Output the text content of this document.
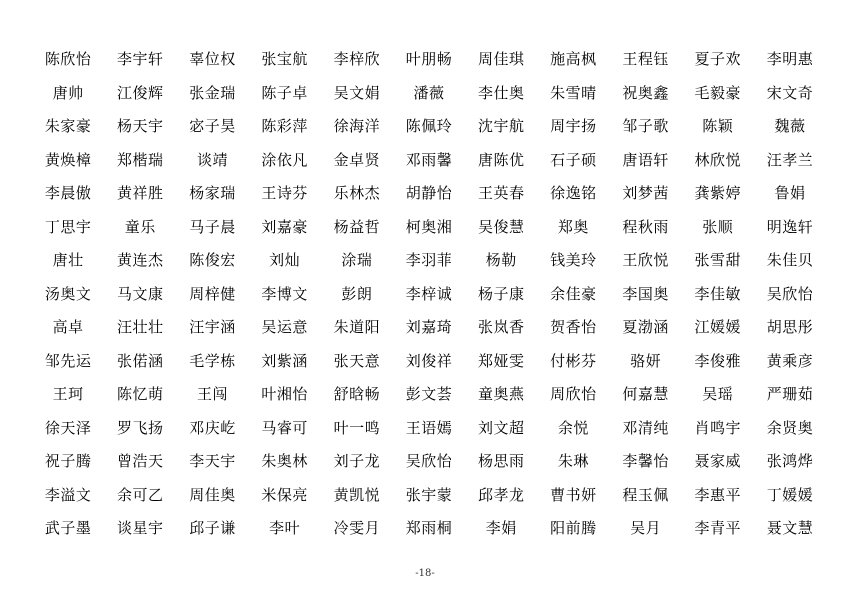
陈欣怡	李宇轩	辜位权	张宝航	李梓欣	叶朋畅	周佳琪	施高枫	王程钰	夏子欢	李明惠
唐帅	江俊辉	张金瑞	陈子卓	吴文娟	潘薇	李仕奥	朱雪晴	祝奥鑫	毛毅豪	宋文奇
朱家豪	杨天宇	宓子昊	陈彩萍	徐海洋	陈佩玲	沈宇航	周宇扬	邹子歌	陈颖	魏薇
黄焕樟	郑楷瑞	谈靖	涂依凡	金卓贤	邓雨馨	唐陈优	石子硕	唐语轩	林欣悦	汪孝兰
李晨傲	黄祥胜	杨家瑞	王诗芬	乐林杰	胡静怡	王英春	徐逸铭	刘梦茜	龚紫婷	鲁娟
丁思宇	童乐	马子晨	刘嘉豪	杨益哲	柯奥湘	吴俊慧	郑奥	程秋雨	张顺	明逸轩
唐壮	黄连杰	陈俊宏	刘灿	涂瑞	李羽菲	杨勒	钱美玲	王欣悦	张雪甜	朱佳贝
汤奥文	马文康	周梓健	李博文	彭朗	李梓诚	杨子康	余佳豪	李国奥	李佳敏	吴欣怡
高卓	汪壮壮	汪宇涵	吴运意	朱道阳	刘嘉琦	张岚香	贺香怡	夏渤涵	江媛媛	胡思彤
邹先运	张偌涵	毛学栋	刘紫涵	张天意	刘俊祥	郑娅雯	付彬芬	骆妍	李俊雅	黄乘彦
王珂	陈忆萌	王闯	叶湘怡	舒晗畅	彭文荟	童奥燕	周欣怡	何嘉慧	吴瑶	严珊茹
徐天泽	罗飞扬	邓庆屹	马睿可	叶一鸣	王语嫣	刘文超	余悦	邓清纯	肖鸣宇	余贤奥
祝子腾	曾浩天	李天宇	朱奥林	刘子龙	吴欣怡	杨思雨	朱琳	李馨怡	聂家威	张鸿烨
李溢文	余可乙	周佳奥	米保亮	黄凯悦	张宇蒙	邱孝龙	曹书妍	程玉佩	李惠平	丁媛媛
武子墨	谈星宇	邱子谦	李叶	冷雯月	郑雨桐	李娟	阳前腾	吴月	李青平	聂文慧
-18-
